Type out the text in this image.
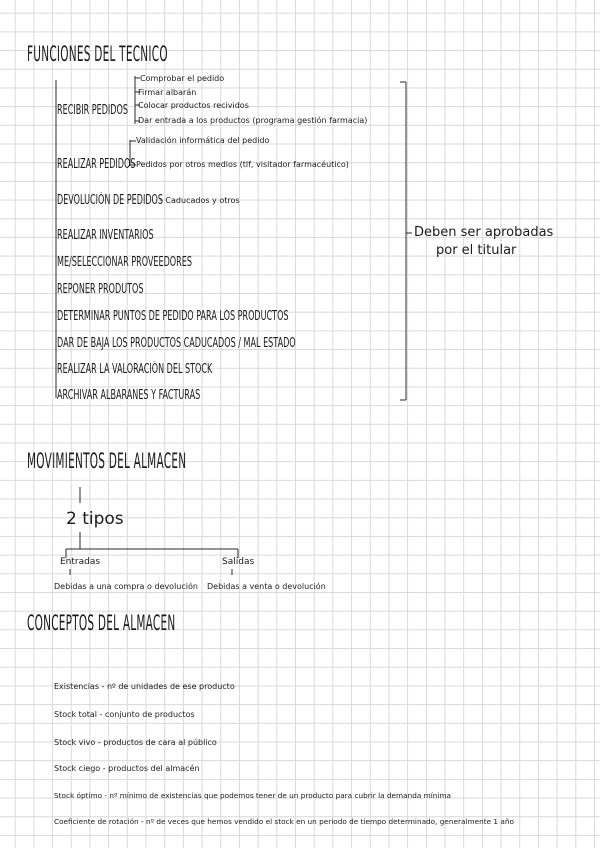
FUNCIONES DEL TECNICO
RECIBIR PEDIDOS
Comprobar el pedido
Firmar albarán
Colocar productos recividos
Dar entrada a los productos (programa gestión farmacia)
REALIZAR PEDIDOS
Validación informática del pedido
Pedidos por otros medios (tlf, visitador farmacéutico)
DEVOLUCIÓN DE PEDIDOS
- Caducados y otros
REALIZAR INVENTARIOS
ME/SELECCIONAR PROVEEDORES
REPONER PRODUTOS
DETERMINAR PUNTOS DE PEDIDO PARA LOS PRODUCTOS
DAR DE BAJA LOS PRODUCTOS CADUCADOS / MAL ESTADO
REALIZAR LA VALORACIÓN DEL STOCK
ARCHIVAR ALBARANES Y FACTURAS
Deben ser aprobadas
por el titular
MOVIMIENTOS DEL ALMACEN
2 tipos
Entradas	Salidas
Debidas a una compra o devolución Debidas a venta o devolución
CONCEPTOS DEL ALMACEN
Existencias - nº de unidades de ese producto
Stock total - conjunto de productos
Stock vivo - productos de cara al público
Stock ciego - productos del almacén
Stock óptimo - nº mínimo de existencias que podemos tener de un producto para cubrir la demanda mínima
Coeficiente de rotación - nº de veces que hemos vendido el stock en un periodo de tiempo determinado, generalmente 1 año
